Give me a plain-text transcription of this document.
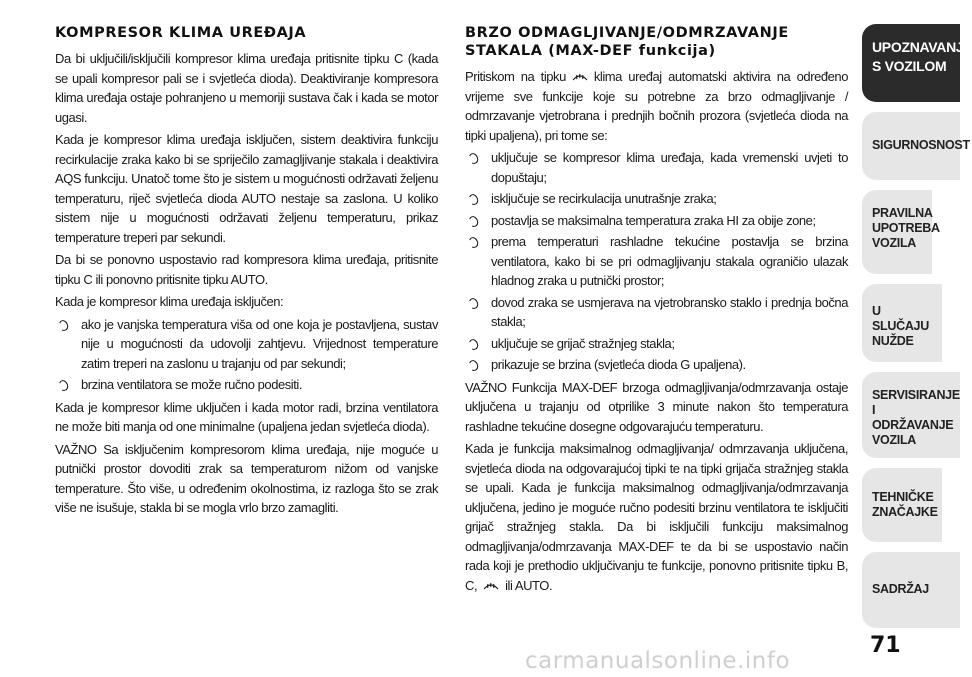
KOMPRESOR KLIMA UREĐAJA
Da bi uključili/isključili kompresor klima uređaja pritisnite tipku C (kada se upali kompresor pali se i svjetleća dioda). Deaktiviranje kompresora klima uređaja ostaje pohranjeno u memoriji sustava čak i kada se motor ugasi.
Kada je kompresor klima uređaja isključen, sistem deaktivira funkciju recirkulacije zraka kako bi se spriječilo zamagljivanje stakala i deaktivira AQS funkciju. Unatoč tome što je sistem u mogućnosti održavati željenu temperaturu, riječ svjetleća dioda AUTO nestaje sa zaslona. U koliko sistem nije u mogućnosti održavati željenu temperaturu, prikaz temperature treperi par sekundi.
Da bi se ponovno uspostavio rad kompresora klima uređaja, pritisnite tipku C ili ponovno pritisnite tipku AUTO.
Kada je kompresor klima uređaja isključen:
ako je vanjska temperatura viša od one koja je postavljena, sustav nije u mogućnosti da udovolji zahtjevu. Vrijednost temperature zatim treperi na zaslonu u trajanju od par sekundi;
brzina ventilatora se može ručno podesiti.
Kada je kompresor klime uključen i kada motor radi, brzina ventilatora ne može biti manja od one minimalne (upaljena jedan svjetleća dioda).
VAŽNO Sa isključenim kompresorom klima uređaja, nije moguće u putnički prostor dovoditi zrak sa temperaturom nižom od vanjske temperature. Što više, u određenim okolnostima, iz razloga što se zrak više ne isušuje, stakla bi se mogla vrlo brzo zamagliti.
BRZO ODMAGLJIVANJE/ODMRZAVANJE
STAKALA (MAX-DEF funkcija)
Pritiskom na tipku klima uređaj automatski aktivira na određeno vrijeme sve funkcije koje su potrebne za brzo odmagljivanje / odmrzavanje vjetrobrana i prednjih bočnih prozora (svjetleća dioda na tipki upaljena), pri tome se:
uključuje se kompresor klima uređaja, kada vremenski uvjeti to dopuštaju;
isključuje se recirkulacija unutrašnje zraka;
postavlja se maksimalna temperatura zraka HI za obije zone;
prema temperaturi rashladne tekućine postavlja se brzina ventilatora, kako bi se pri odmagljivanju stakala ograničio ulazak hladnog zraka u putnički prostor;
dovod zraka se usmjerava na vjetrobransko staklo i prednja bočna stakla;
uključuje se grijač stražnjeg stakla;
prikazuje se brzina (svjetleća dioda G upaljena).
VAŽNO Funkcija MAX-DEF brzoga odmagljivanja/odmrzavanja ostaje uključena u trajanju od otprilike 3 minute nakon što temperatura rashladne tekućine dosegne odgovarajuću temperaturu.
Kada je funkcija maksimalnog odmagljivanja/ odmrzavanja uključena, svjetleća dioda na odgovarajućoj tipki te na tipki grijača stražnjeg stakla se upali. Kada je funkcija maksimalnog odmagljivanja/odmrzavanja uključena, jedino je moguće ručno podesiti brzinu ventilatora te isključiti grijač stražnjeg stakla. Da bi isključili funkciju maksimalnog odmagljivanja/odmrzavanja MAX-DEF te da bi se uspostavio način rada koji je prethodio uključivanju te funkcije, ponovno pritisnite tipku B, C, ili AUTO.
UPOZNAVANJE S VOZILOM
SIGURNOSNOST
PRAVILNA UPOTREBA VOZILA
U SLUČAJU NUŽDE
SERVISIRANJE I ODRŽAVANJE VOZILA
TEHNIČKE ZNAČAJKE
SADRŽAJ
71
carmanualsonline.info
